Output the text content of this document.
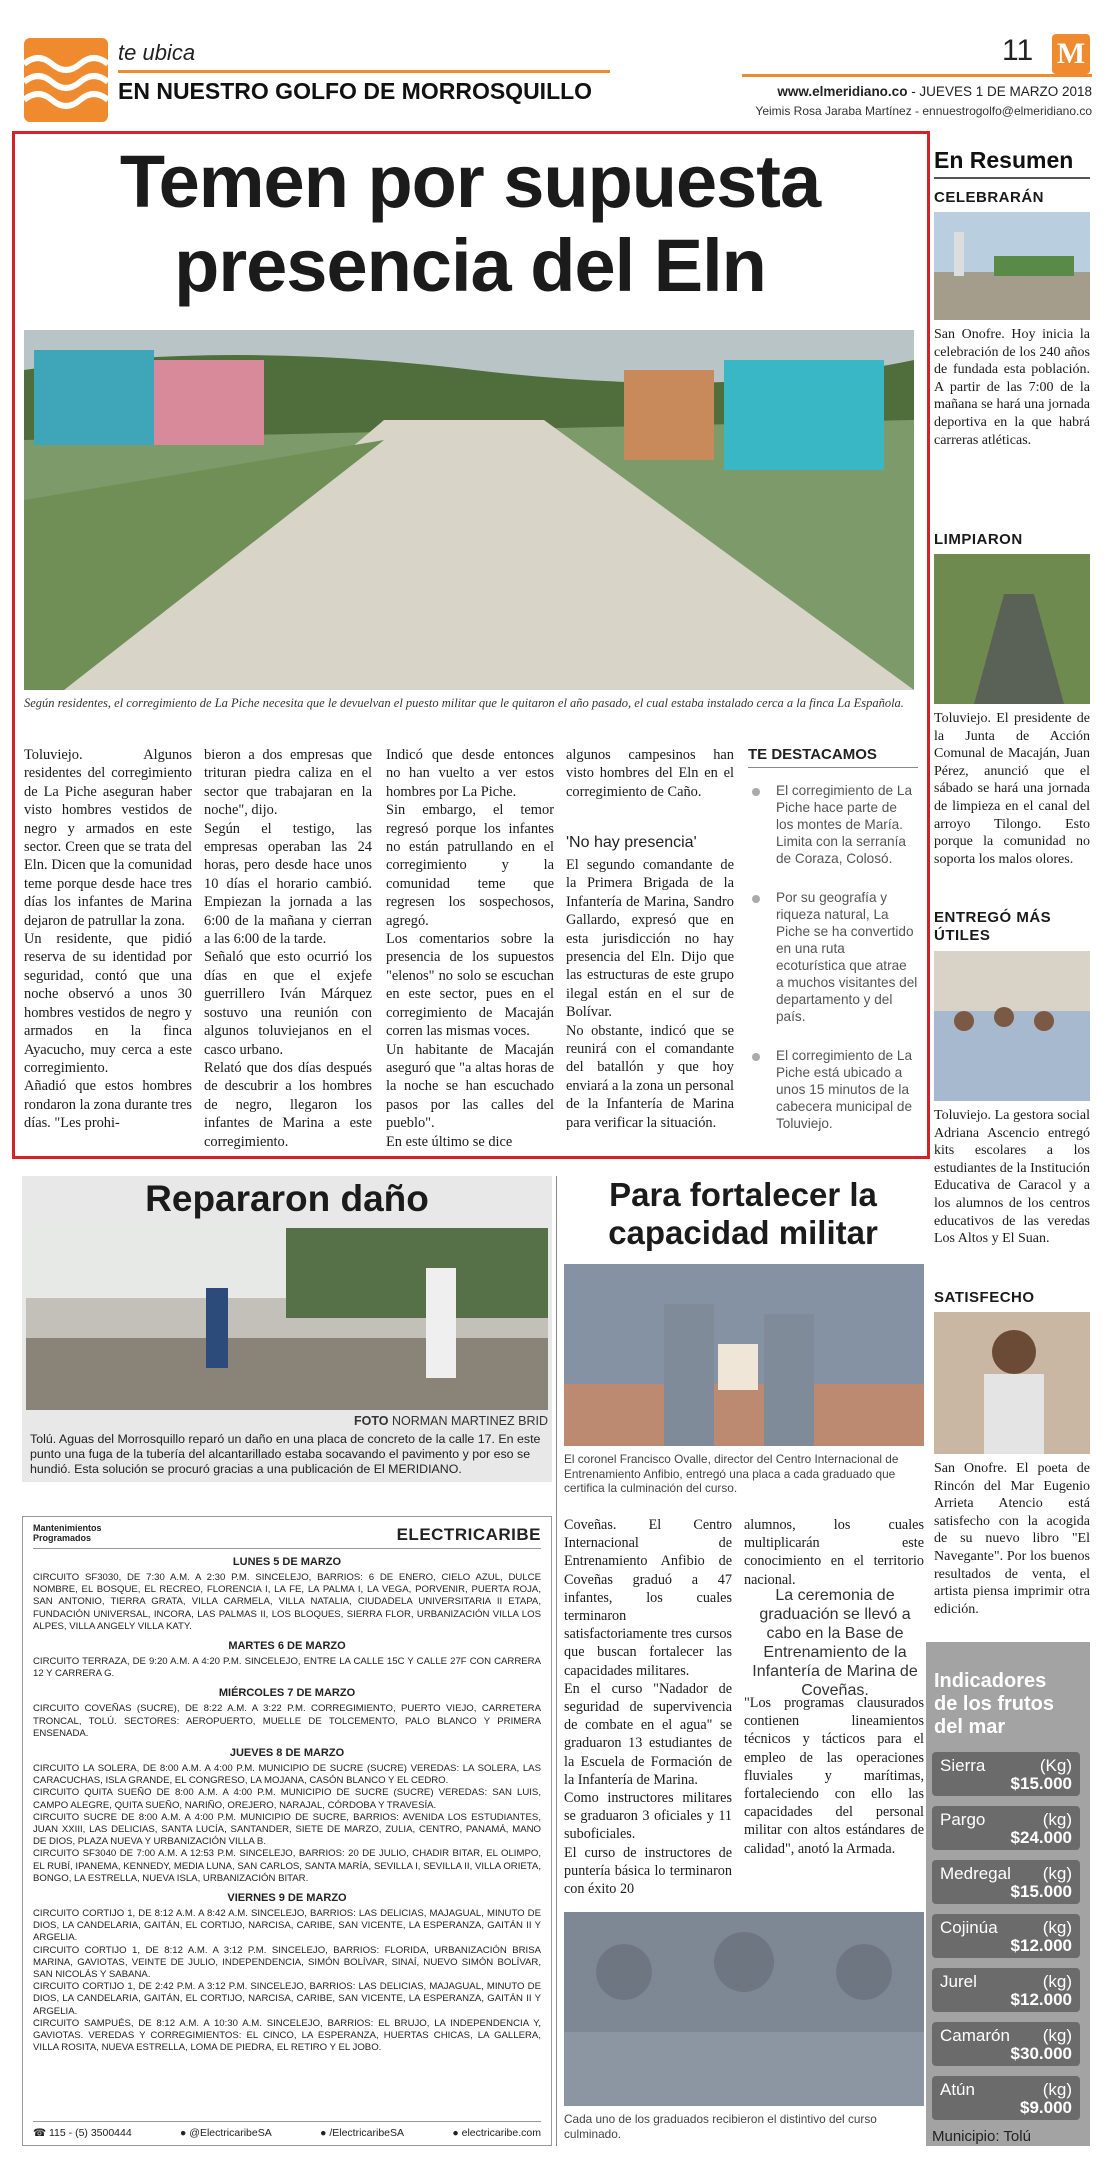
te ubica
EN NUESTRO GOLFO DE MORROSQUILLO
11 M
www.elmeridiano.co - JUEVES 1 DE MARZO 2018
Yeimis Rosa Jaraba Martínez - ennuestrogolfo@elmeridiano.co
Temen por supuesta
presencia del Eln
Según residentes, el corregimiento de La Piche necesita que le devuelvan el puesto militar que le quitaron el año pasado, el cual estaba instalado cerca a la finca La Española.
Toluviejo. Algunos residentes del corregimiento de La Piche aseguran haber visto hombres vestidos de negro y armados en este sector. Creen que se trata del Eln. Dicen que la comunidad teme porque desde hace tres días los infantes de Marina dejaron de patrullar la zona.
Un residente, que pidió reserva de su identidad por seguridad, contó que una noche observó a unos 30 hombres vestidos de negro y armados en la finca Ayacucho, muy cerca a este corregimiento.
Añadió que estos hombres rondaron la zona durante tres días. "Les prohi-
bieron a dos empresas que trituran piedra caliza en el sector que trabajaran en la noche", dijo.
Según el testigo, las empresas operaban las 24 horas, pero desde hace unos 10 días el horario cambió. Empiezan la jornada a las 6:00 de la mañana y cierran a las 6:00 de la tarde.
Señaló que esto ocurrió los días en que el exjefe guerrillero Iván Márquez sostuvo una reunión con algunos toluviejanos en el casco urbano.
Relató que dos días después de descubrir a los hombres de negro, llegaron los infantes de Marina a este corregimiento.
Indicó que desde entonces no han vuelto a ver estos hombres por La Piche.
Sin embargo, el temor regresó porque los infantes no están patrullando en el corregimiento y la comunidad teme que regresen los sospechosos, agregó.
Los comentarios sobre la presencia de los supuestos "elenos" no solo se escuchan en este sector, pues en el corregimiento de Macaján corren las mismas voces.
Un habitante de Macaján aseguró que "a altas horas de la noche se han escuchado pasos por las calles del pueblo".
En este último se dice
algunos campesinos han visto hombres del Eln en el corregimiento de Caño.
'No hay presencia'
El segundo comandante de la Primera Brigada de la Infantería de Marina, Sandro Gallardo, expresó que en esta jurisdicción no hay presencia del Eln. Dijo que las estructuras de este grupo ilegal están en el sur de Bolívar.
No obstante, indicó que se reunirá con el comandante del batallón y que hoy enviará a la zona un personal de la Infantería de Marina para verificar la situación.
TE DESTACAMOS
El corregimiento de La Piche hace parte de los montes de María. Limita con la serranía de Coraza, Colosó.
Por su geografía y riqueza natural, La Piche se ha convertido en una ruta ecoturística que atrae a muchos visitantes del departamento y del país.
El corregimiento de La Piche está ubicado a unos 15 minutos de la cabecera municipal de Toluviejo.
En Resumen
CELEBRARÁN
San Onofre. Hoy inicia la celebración de los 240 años de fundada esta población. A partir de las 7:00 de la mañana se hará una jornada deportiva en la que habrá carreras atléticas.
LIMPIARON
Toluviejo. El presidente de la Junta de Acción Comunal de Macaján, Juan Pérez, anunció que el sábado se hará una jornada de limpieza en el canal del arroyo Tilongo. Esto porque la comunidad no soporta los malos olores.
ENTREGÓ MÁS ÚTILES
Toluviejo. La gestora social Adriana Ascencio entregó kits escolares a los estudiantes de la Institución Educativa de Caracol y a los alumnos de los centros educativos de las veredas Los Altos y El Suan.
SATISFECHO
San Onofre. El poeta de Rincón del Mar Eugenio Arrieta Atencio está satisfecho con la acogida de su nuevo libro "El Navegante". Por los buenos resultados de venta, el artista piensa imprimir otra edición.
Repararon daño
FOTO NORMAN MARTINEZ BRID
Tolú. Aguas del Morrosquillo reparó un daño en una placa de concreto de la calle 17. En este punto una fuga de la tubería del alcantarillado estaba socavando el pavimento y por eso se hundió. Esta solución se procuró gracias a una publicación de El MERIDIANO.
Mantenimientos
Programados	ELECTRICARIBE
LUNES 5 DE MARZO

CIRCUITO SF3030, DE 7:30 A.M. A 2:30 P.M. SINCELEJO, BARRIOS: 6 DE ENERO, CIELO AZUL, DULCE NOMBRE, EL BOSQUE, EL RECREO, FLORENCIA I, LA FE, LA PALMA I, LA VEGA, PORVENIR, PUERTA ROJA, SAN ANTONIO, TIERRA GRATA, VILLA CARMELA, VILLA NATALIA, CIUDADELA UNIVERSITARIA II ETAPA, FUNDACIÓN UNIVERSAL, INCORA, LAS PALMAS II, LOS BLOQUES, SIERRA FLOR, URBANIZACIÓN VILLA LOS ALPES, VILLA ANGELY VILLA KATY.

MARTES 6 DE MARZO

CIRCUITO TERRAZA, DE 9:20 A.M. A 4:20 P.M. SINCELEJO, ENTRE LA CALLE 15C Y CALLE 27F CON CARRERA 12 Y CARRERA G.

MIÉRCOLES 7 DE MARZO

CIRCUITO COVEÑAS (SUCRE), DE 8:22 A.M. A 3:22 P.M. CORREGIMIENTO, PUERTO VIEJO, CARRETERA TRONCAL, TOLÚ. SECTORES: AEROPUERTO, MUELLE DE TOLCEMENTO, PALO BLANCO Y PRIMERA ENSENADA.

JUEVES 8 DE MARZO

CIRCUITO LA SOLERA, DE 8:00 A.M. A 4:00 P.M. MUNICIPIO DE SUCRE (SUCRE) VEREDAS: LA SOLERA, LAS CARACUCHAS, ISLA GRANDE, EL CONGRESO, LA MOJANA, CASÓN BLANCO Y EL CEDRO.

CIRCUITO QUITA SUEÑO DE 8:00 A.M. A 4:00 P.M. MUNICIPIO DE SUCRE (SUCRE) VEREDAS: SAN LUIS, CAMPO ALEGRE, QUITA SUEÑO, NARIÑO, OREJERO, NARAJAL, CÓRDOBA Y TRAVESÍA.

CIRCUITO SUCRE DE 8:00 A.M. A 4:00 P.M. MUNICIPIO DE SUCRE, BARRIOS: AVENIDA LOS ESTUDIANTES, JUAN XXIII, LAS DELICIAS, SANTA LUCÍA, SANTANDER, SIETE DE MARZO, ZULIA, CENTRO, PANAMÁ, MANO DE DIOS, PLAZA NUEVA Y URBANIZACIÓN VILLA B.

CIRCUITO SF3040 DE 7:00 A.M. A 12:53 P.M. SINCELEJO, BARRIOS: 20 DE JULIO, CHADIR BITAR, EL OLIMPO, EL RUBÍ, IPANEMA, KENNEDY, MEDIA LUNA, SAN CARLOS, SANTA MARÍA, SEVILLA I, SEVILLA II, VILLA ORIETA, BONGO, LA ESTRELLA, NUEVA ISLA, URBANIZACIÓN BITAR.

VIERNES 9 DE MARZO

CIRCUITO CORTIJO 1, DE 8:12 A.M. A 8:42 A.M. SINCELEJO, BARRIOS: LAS DELICIAS, MAJAGUAL, MINUTO DE DIOS, LA CANDELARIA, GAITÁN, EL CORTIJO, NARCISA, CARIBE, SAN VICENTE, LA ESPERANZA, GAITÁN II Y ARGELIA.

CIRCUITO CORTIJO 1, DE 8:12 A.M. A 3:12 P.M. SINCELEJO, BARRIOS: FLORIDA, URBANIZACIÓN BRISA MARINA, GAVIOTAS, VEINTE DE JULIO, INDEPENDENCIA, SIMÓN BOLÍVAR, SINAÍ, NUEVO SIMÓN BOLÍVAR, SAN NICOLÁS Y SABANA.

CIRCUITO CORTIJO 1, DE 2:42 P.M. A 3:12 P.M. SINCELEJO, BARRIOS: LAS DELICIAS, MAJAGUAL, MINUTO DE DIOS, LA CANDELARIA, GAITÁN, EL CORTIJO, NARCISA, CARIBE, SAN VICENTE, LA ESPERANZA, GAITÁN II Y ARGELIA.

CIRCUITO SAMPUÉS, DE 8:12 A.M. A 10:30 A.M. SINCELEJO, BARRIOS: EL BRUJO, LA INDEPENDENCIA Y, GAVIOTAS. VEREDAS Y CORREGIMIENTOS: EL CINCO, LA ESPERANZA, HUERTAS CHICAS, LA GALLERA, VILLA ROSITA, NUEVA ESTRELLA, LOMA DE PIEDRA, EL RETIRO Y EL JOBO.

☎ 115 - (5) 3500444	● @ElectricaribeSA	● /ElectricaribeSA	● electricaribe.com
Para fortalecer la
capacidad militar
El coronel Francisco Ovalle, director del Centro Internacional de Entrenamiento Anfibio, entregó una placa a cada graduado que certifica la culminación del curso.
Coveñas. El Centro Internacional de Entrenamiento Anfibio de Coveñas graduó a 47 infantes, los cuales terminaron satisfactoriamente tres cursos que buscan fortalecer las capacidades militares.
En el curso "Nadador de seguridad de supervivencia de combate en el agua" se graduaron 13 estudiantes de la Escuela de Formación de la Infantería de Marina.
Como instructores militares se graduaron 3 oficiales y 11 suboficiales.
El curso de instructores de puntería básica lo terminaron con éxito 20
alumnos, los cuales multiplicarán este conocimiento en el territorio nacional.
La ceremonia de graduación se llevó a cabo en la Base de Entrenamiento de la Infantería de Marina de Coveñas.
"Los programas clausurados contienen lineamientos técnicos y tácticos para el empleo de las operaciones fluviales y marítimas, fortaleciendo con ello las capacidades del personal militar con altos estándares de calidad", anotó la Armada.
Cada uno de los graduados recibieron el distintivo del curso culminado.
Indicadores
de los frutos
del mar
Sierra	(Kg)
$15.000
Pargo	(kg)
$24.000
Medregal (kg)
$15.000
Cojinúa	(kg)
$12.000
Jurel	(kg)
$12.000
Camarón (kg)
$30.000
Atún	(kg)
$9.000
Municipio: Tolú
